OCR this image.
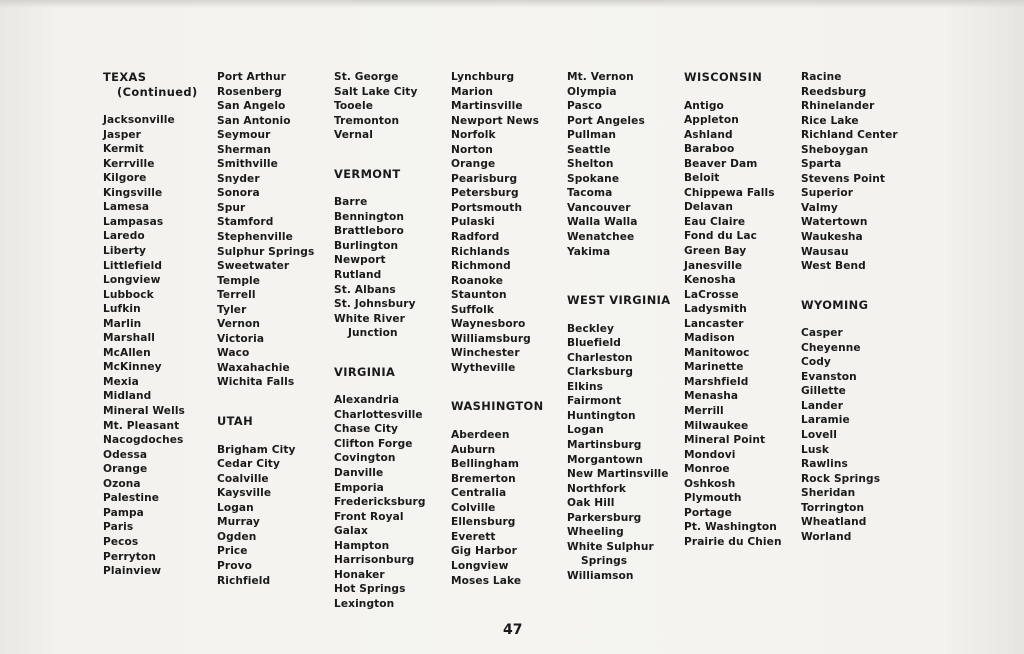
TEXAS
(Continued)
Jacksonville
Jasper
Kermit
Kerrville
Kilgore
Kingsville
Lamesa
Lampasas
Laredo
Liberty
Littlefield
Longview
Lubbock
Lufkin
Marlin
Marshall
McAllen
McKinney
Mexia
Midland
Mineral Wells
Mt. Pleasant
Nacogdoches
Odessa
Orange
Ozona
Palestine
Pampa
Paris
Pecos
Perryton
Plainview
Port Arthur
Rosenberg
San Angelo
San Antonio
Seymour
Sherman
Smithville
Snyder
Sonora
Spur
Stamford
Stephenville
Sulphur Springs
Sweetwater
Temple
Terrell
Tyler
Vernon
Victoria
Waco
Waxahachie
Wichita Falls
UTAH
Brigham City
Cedar City
Coalville
Kaysville
Logan
Murray
Ogden
Price
Provo
Richfield
St. George
Salt Lake City
Tooele
Tremonton
Vernal
VERMONT
Barre
Bennington
Brattleboro
Burlington
Newport
Rutland
St. Albans
St. Johnsbury
White River
Junction
VIRGINIA
Alexandria
Charlottesville
Chase City
Clifton Forge
Covington
Danville
Emporia
Fredericksburg
Front Royal
Galax
Hampton
Harrisonburg
Honaker
Hot Springs
Lexington
Lynchburg
Marion
Martinsville
Newport News
Norfolk
Norton
Orange
Pearisburg
Petersburg
Portsmouth
Pulaski
Radford
Richlands
Richmond
Roanoke
Staunton
Suffolk
Waynesboro
Williamsburg
Winchester
Wytheville
WASHINGTON
Aberdeen
Auburn
Bellingham
Bremerton
Centralia
Colville
Ellensburg
Everett
Gig Harbor
Longview
Moses Lake
Mt. Vernon
Olympia
Pasco
Port Angeles
Pullman
Seattle
Shelton
Spokane
Tacoma
Vancouver
Walla Walla
Wenatchee
Yakima
WEST VIRGINIA
Beckley
Bluefield
Charleston
Clarksburg
Elkins
Fairmont
Huntington
Logan
Martinsburg
Morgantown
New Martinsville
Northfork
Oak Hill
Parkersburg
Wheeling
White Sulphur
Springs
Williamson
WISCONSIN
Antigo
Appleton
Ashland
Baraboo
Beaver Dam
Beloit
Chippewa Falls
Delavan
Eau Claire
Fond du Lac
Green Bay
Janesville
Kenosha
LaCrosse
Ladysmith
Lancaster
Madison
Manitowoc
Marinette
Marshfield
Menasha
Merrill
Milwaukee
Mineral Point
Mondovi
Monroe
Oshkosh
Plymouth
Portage
Pt. Washington
Prairie du Chien
Racine
Reedsburg
Rhinelander
Rice Lake
Richland Center
Sheboygan
Sparta
Stevens Point
Superior
Valmy
Watertown
Waukesha
Wausau
West Bend
WYOMING
Casper
Cheyenne
Cody
Evanston
Gillette
Lander
Laramie
Lovell
Lusk
Rawlins
Rock Springs
Sheridan
Torrington
Wheatland
Worland
47
